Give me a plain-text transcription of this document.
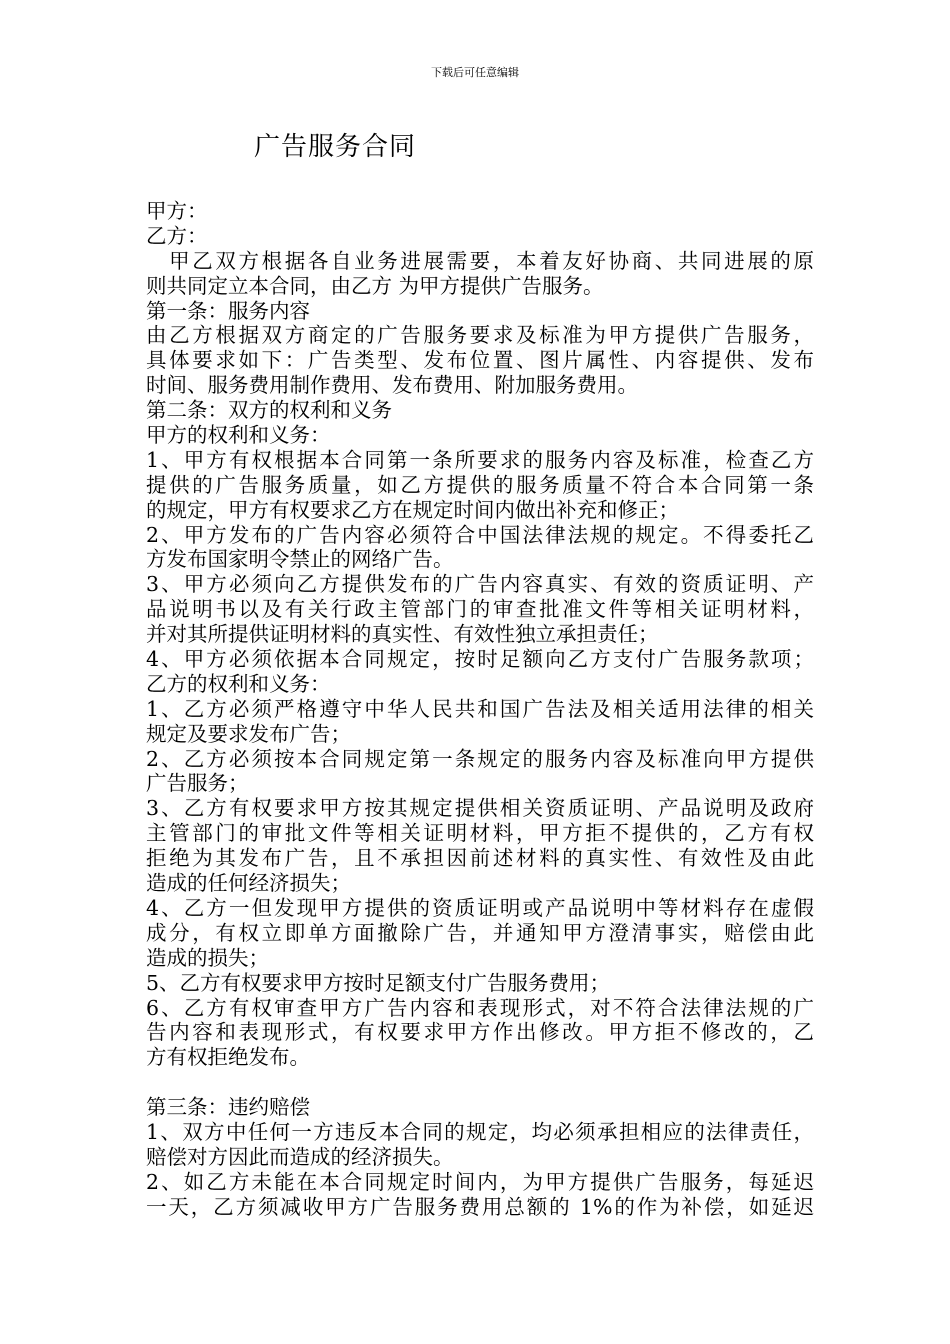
下载后可任意编辑
广告服务合同
甲方：
乙方：
　甲乙双方根据各自业务进展需要，本着友好协商、共同进展的原
则共同定立本合同，由乙方 为甲方提供广告服务。
第一条：服务内容
由乙方根据双方商定的广告服务要求及标准为甲方提供广告服务，
具体要求如下：广告类型、发布位置、图片属性、内容提供、发布
时间、服务费用制作费用、发布费用、附加服务费用。
第二条：双方的权利和义务
甲方的权利和义务：
1、甲方有权根据本合同第一条所要求的服务内容及标准，检查乙方
提供的广告服务质量，如乙方提供的服务质量不符合本合同第一条
的规定，甲方有权要求乙方在规定时间内做出补充和修正；
2、甲方发布的广告内容必须符合中国法律法规的规定。不得委托乙
方发布国家明令禁止的网络广告。
3、甲方必须向乙方提供发布的广告内容真实、有效的资质证明、产
品说明书以及有关行政主管部门的审查批准文件等相关证明材料，
并对其所提供证明材料的真实性、有效性独立承担责任；
4、甲方必须依据本合同规定，按时足额向乙方支付广告服务款项；
乙方的权利和义务：
1、乙方必须严格遵守中华人民共和国广告法及相关适用法律的相关
规定及要求发布广告；
2、乙方必须按本合同规定第一条规定的服务内容及标准向甲方提供
广告服务；
3、乙方有权要求甲方按其规定提供相关资质证明、产品说明及政府
主管部门的审批文件等相关证明材料，甲方拒不提供的，乙方有权
拒绝为其发布广告，且不承担因前述材料的真实性、有效性及由此
造成的任何经济损失；
4、乙方一但发现甲方提供的资质证明或产品说明中等材料存在虚假
成分，有权立即单方面撤除广告，并通知甲方澄清事实，赔偿由此
造成的损失；
5、乙方有权要求甲方按时足额支付广告服务费用；
6、乙方有权审查甲方广告内容和表现形式，对不符合法律法规的广
告内容和表现形式，有权要求甲方作出修改。甲方拒不修改的，乙
方有权拒绝发布。
第三条：违约赔偿
1、双方中任何一方违反本合同的规定，均必须承担相应的法律责任，
赔偿对方因此而造成的经济损失。
2、如乙方未能在本合同规定时间内，为甲方提供广告服务，每延迟
一天，乙方须减收甲方广告服务费用总额的 1%的作为补偿，如延迟
